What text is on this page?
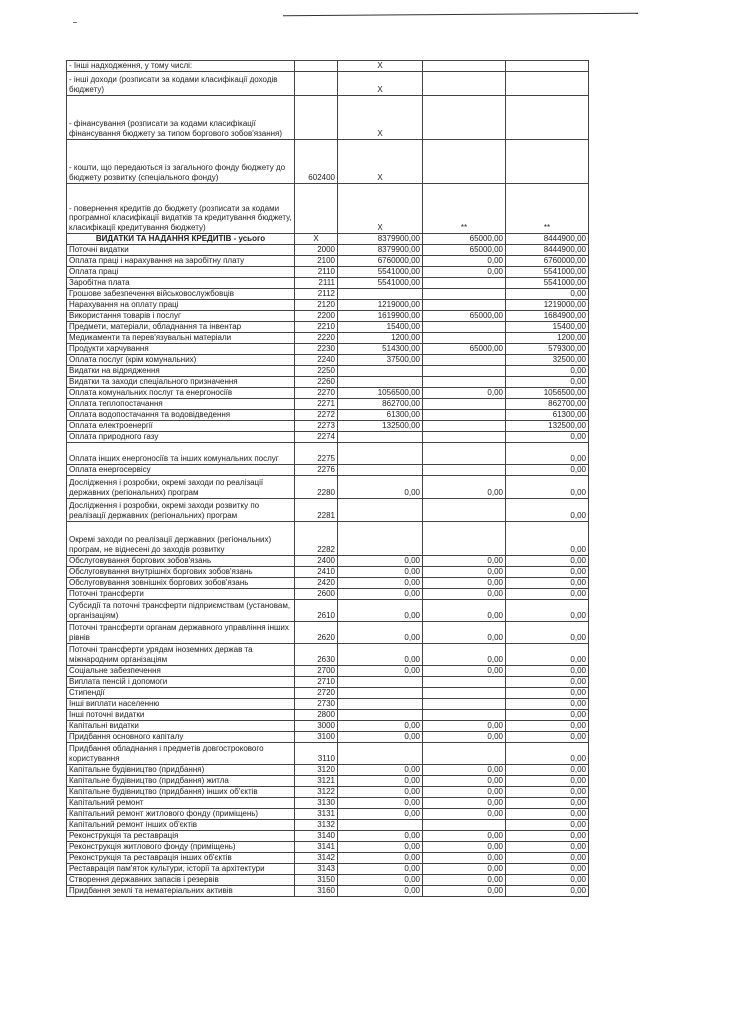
- Інші надходження, у тому числі:		X		
- інші доходи (розписати за кодами класифікації доходів бюджету)		X		
- фінансування (розписати за кодами класифікації фінансування бюджету за типом боргового зобов'язання)		X		
- кошти, що передаються із загального фонду бюджету до бюджету розвитку (спеціального фонду)	602400	X		
- повернення кредитів до бюджету (розписати за кодами програмної класифікації видатків та кредитування бюджету, класифікації кредитування бюджету)		X	**	**
ВИДАТКИ ТА НАДАННЯ КРЕДИТІВ - усього	X	8379900,00	65000,00	8444900,00
Поточні видатки	2000	8379900,00	65000,00	8444900,00
Оплата праці і нарахування на заробітну плату	2100	6760000,00	0,00	6760000,00
Оплата праці	2110	5541000,00	0,00	5541000,00
Заробітна плата	2111	5541000,00		5541000,00
Грошове забезпечення військовослужбовців	2112			0,00
Нарахування на оплату праці	2120	1219000,00		1219000,00
Використання товарів і послуг	2200	1619900,00	65000,00	1684900,00
Предмети, матеріали, обладнання та інвентар	2210	15400,00		15400,00
Медикаменти та перев'язувальні матеріали	2220	1200,00		1200,00
Продукти харчування	2230	514300,00	65000,00	579300,00
Оплата послуг (крім комунальних)	2240	37500,00		32500,00
Видатки на відрядження	2250			0,00
Видатки та заходи спеціального призначення	2260			0,00
Оплата комунальних послуг та енергоносіїв	2270	1056500,00	0,00	1056500,00
Оплата теплопостачання	2271	862700,00		862700,00
Оплата водопостачання та водовідведення	2272	61300,00		61300,00
Оплата електроенергії	2273	132500,00		132500,00
Оплата природного газу	2274			0,00
Оплата інших енергоносіїв та інших комунальних послуг	2275			0,00
Оплата енергосервісу	2276			0,00
Дослідження і розробки, окремі заходи по реалізації державних (регіональних) програм	2280	0,00	0,00	0,00
Дослідження і розробки, окремі заходи розвитку по реалізації державних (регіональних) програм	2281			0,00
Окремі заходи по реалізації державних (регіональних) програм, не віднесені до заходів розвитку	2282			0,00
Обслуговування боргових зобов'язань	2400	0,00	0,00	0,00
Обслуговування внутрішніх боргових зобов'язань	2410	0,00	0,00	0,00
Обслуговування зовнішніх боргових зобов'язань	2420	0,00	0,00	0,00
Поточні трансферти	2600	0,00	0,00	0,00
Субсидії та поточні трансферти підприємствам (установам, організаціям)	2610	0,00	0,00	0,00
Поточні трансферти органам державного управління інших рівнів	2620	0,00	0,00	0,00
Поточні трансферти урядам іноземних держав та міжнародним організаціям	2630	0,00	0,00	0,00
Соціальне забезпечення	2700	0,00	0,00	0,00
Виплата пенсій і допомоги	2710			0,00
Стипендії	2720			0,00
Інші виплати населенню	2730			0,00
Інші поточні видатки	2800			0,00
Капітальні видатки	3000	0,00	0,00	0,00
Придбання основного капіталу	3100	0,00	0,00	0,00
Придбання обладнання і предметів довгострокового користування	3110			0,00
Капітальне будівництво (придбання)	3120	0,00	0,00	0,00
Капітальне будівництво (придбання) житла	3121	0,00	0,00	0,00
Капітальне будівництво (придбання) інших об'єктів	3122	0,00	0,00	0,00
Капітальний ремонт	3130	0,00	0,00	0,00
Капітальний ремонт житлового фонду (приміщень)	3131	0,00	0,00	0,00
Капітальний ремонт інших об'єктів	3132			0,00
Реконструкція та реставрація	3140	0,00	0,00	0,00
Реконструкція житлового фонду (приміщень)	3141	0,00	0,00	0,00
Реконструкція та реставрація інших об'єктів	3142	0,00	0,00	0,00
Реставрація пам'яток культури, історії та архітектури	3143	0,00	0,00	0,00
Створення державних запасів і резервів	3150	0,00	0,00	0,00
Придбання землі та нематеріальних активів	3160	0,00	0,00	0,00
